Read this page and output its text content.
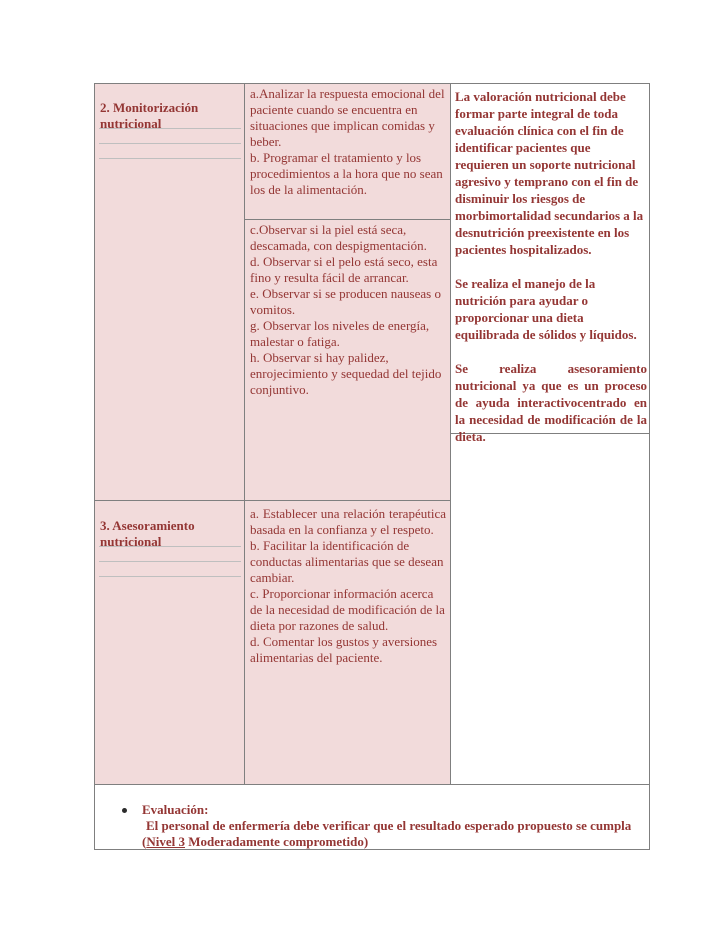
2. Monitorización nutricional

a.Analizar la respuesta emocional del paciente cuando se encuentra en situaciones que implican comidas y beber.

b. Programar el tratamiento y los procedimientos a la hora que no sean los de la alimentación.

c.Observar si la piel está seca, descamada, con despigmentación.

d. Observar si el pelo está seco, esta fino y resulta fácil de arrancar.

e. Observar si se producen nauseas o vomitos.

g. Observar los niveles de energía, malestar o fatiga.

h. Observar si hay palidez, enrojecimiento y sequedad del tejido conjuntivo.

3. Asesoramiento nutricional

a. Establecer una relación terapéutica basada en la confianza y el respeto.

b. Facilitar la identificación de conductas alimentarias que se desean cambiar.

c. Proporcionar información acerca de la necesidad de modificación de la dieta por razones de salud.

d. Comentar los gustos y aversiones alimentarias del paciente.

La valoración nutricional debe formar parte integral de toda evaluación clínica con el fin de identificar pacientes que requieren un soporte nutricional agresivo y temprano con el fin de disminuir los riesgos de morbimortalidad secundarios a la desnutrición preexistente en los pacientes hospitalizados.

Se realiza el manejo de la nutrición para ayudar o proporcionar una dieta equilibrada de sólidos y líquidos.

Se realiza asesoramiento nutricional ya que es un proceso de ayuda interactivocentrado en la necesidad de modificación de la dieta.

Evaluación:
El personal de enfermería debe verificar que el resultado esperado propuesto se cumpla
(Nivel 3 Moderadamente comprometido)
